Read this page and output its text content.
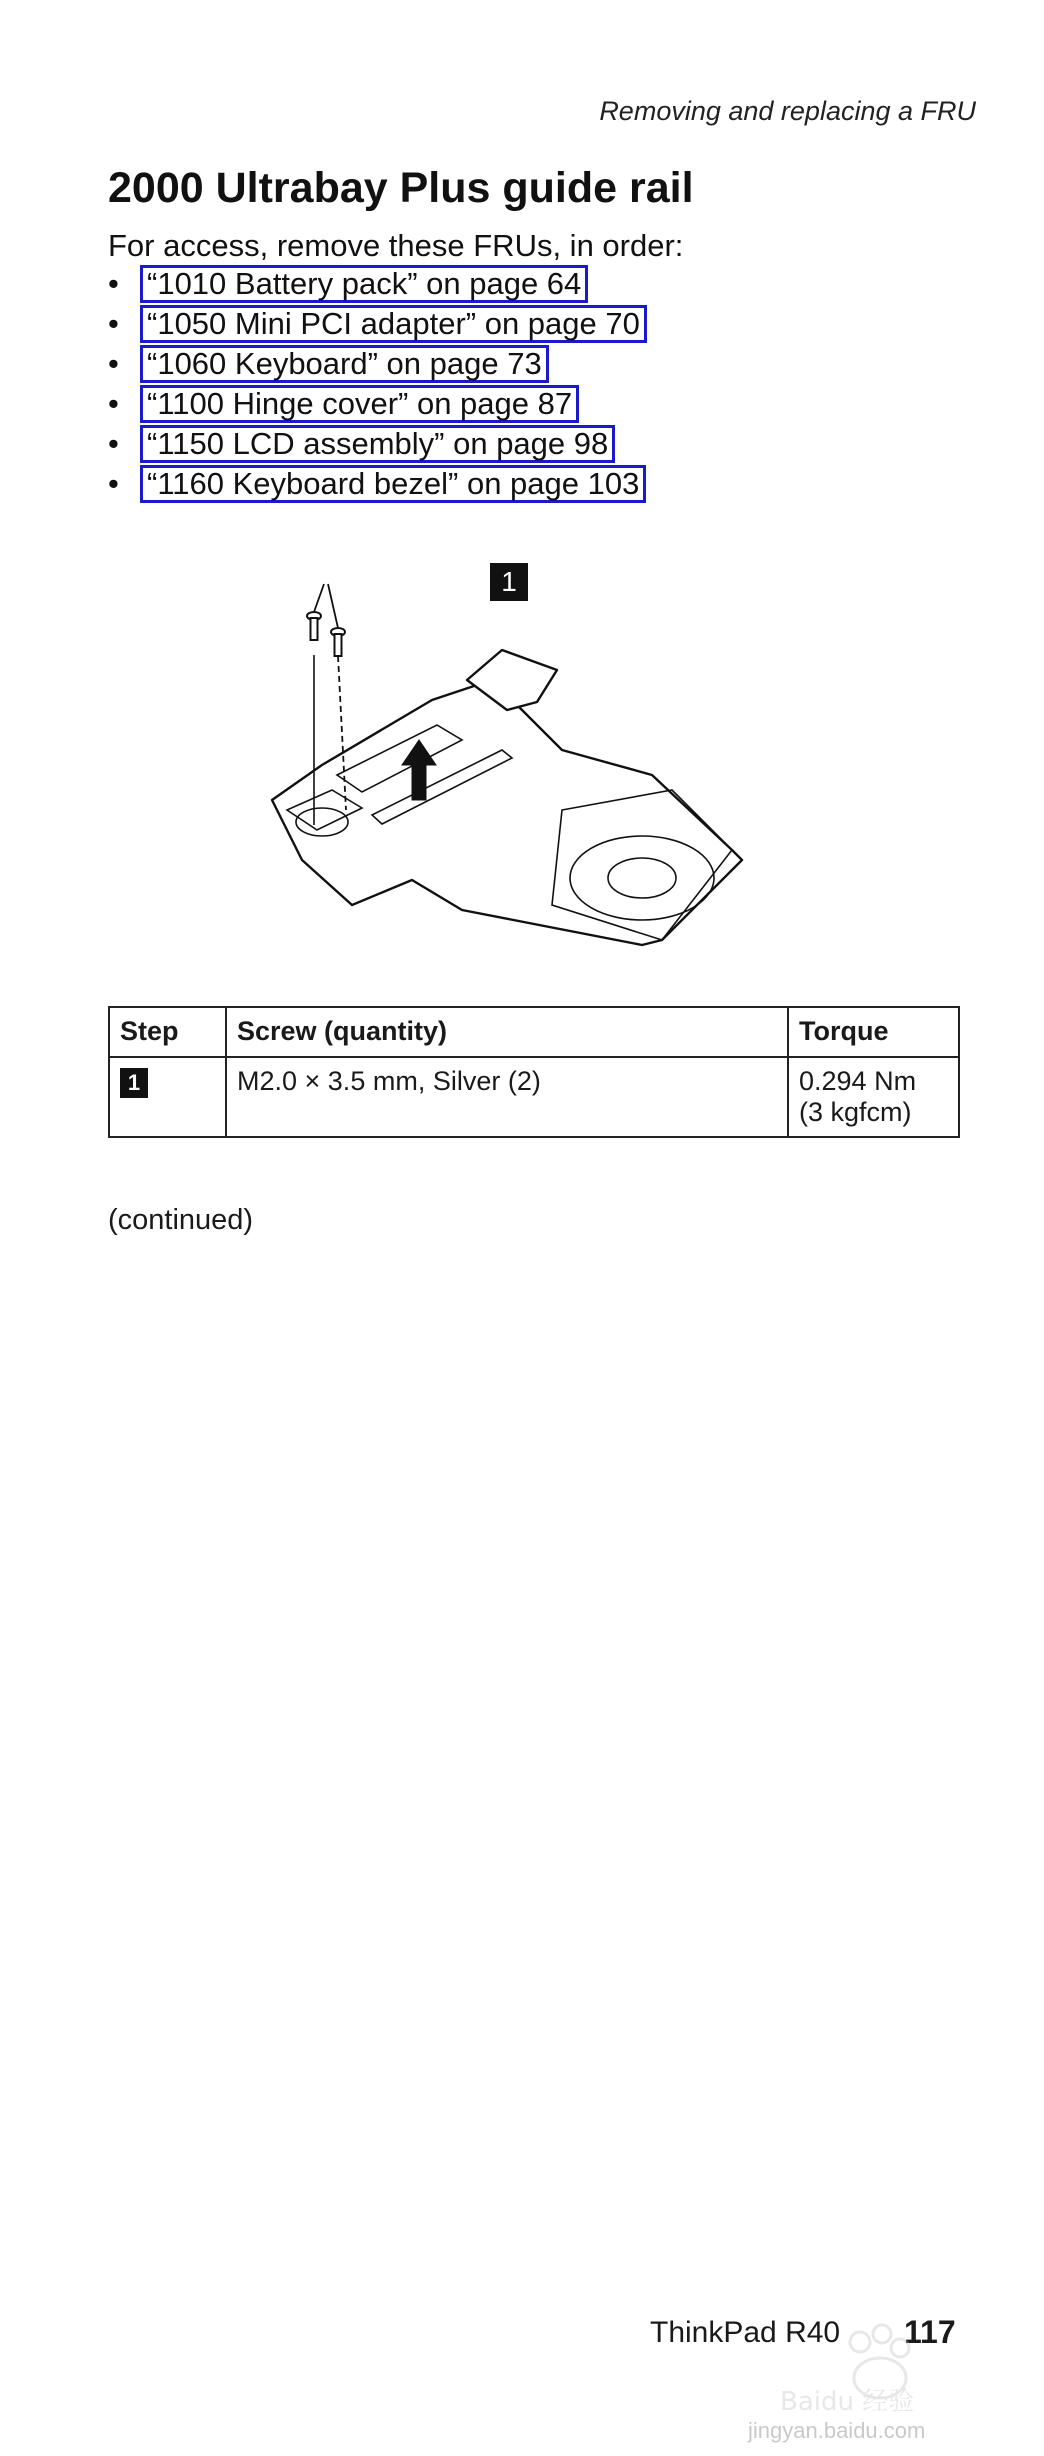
Removing and replacing a FRU
2000 Ultrabay Plus guide rail
For access, remove these FRUs, in order:
• “1010 Battery pack” on page 64
• “1050 Mini PCI adapter” on page 70
• “1060 Keyboard” on page 73
• “1100 Hinge cover” on page 87
• “1150 LCD assembly” on page 98
• “1160 Keyboard bezel” on page 103
1
Step	Screw (quantity)	Torque
1	M2.0 × 3.5 mm, Silver (2)	0.294 Nm
(3 kgfcm)
(continued)
ThinkPad R40 117
Baidu 经验
jingyan.baidu.com
